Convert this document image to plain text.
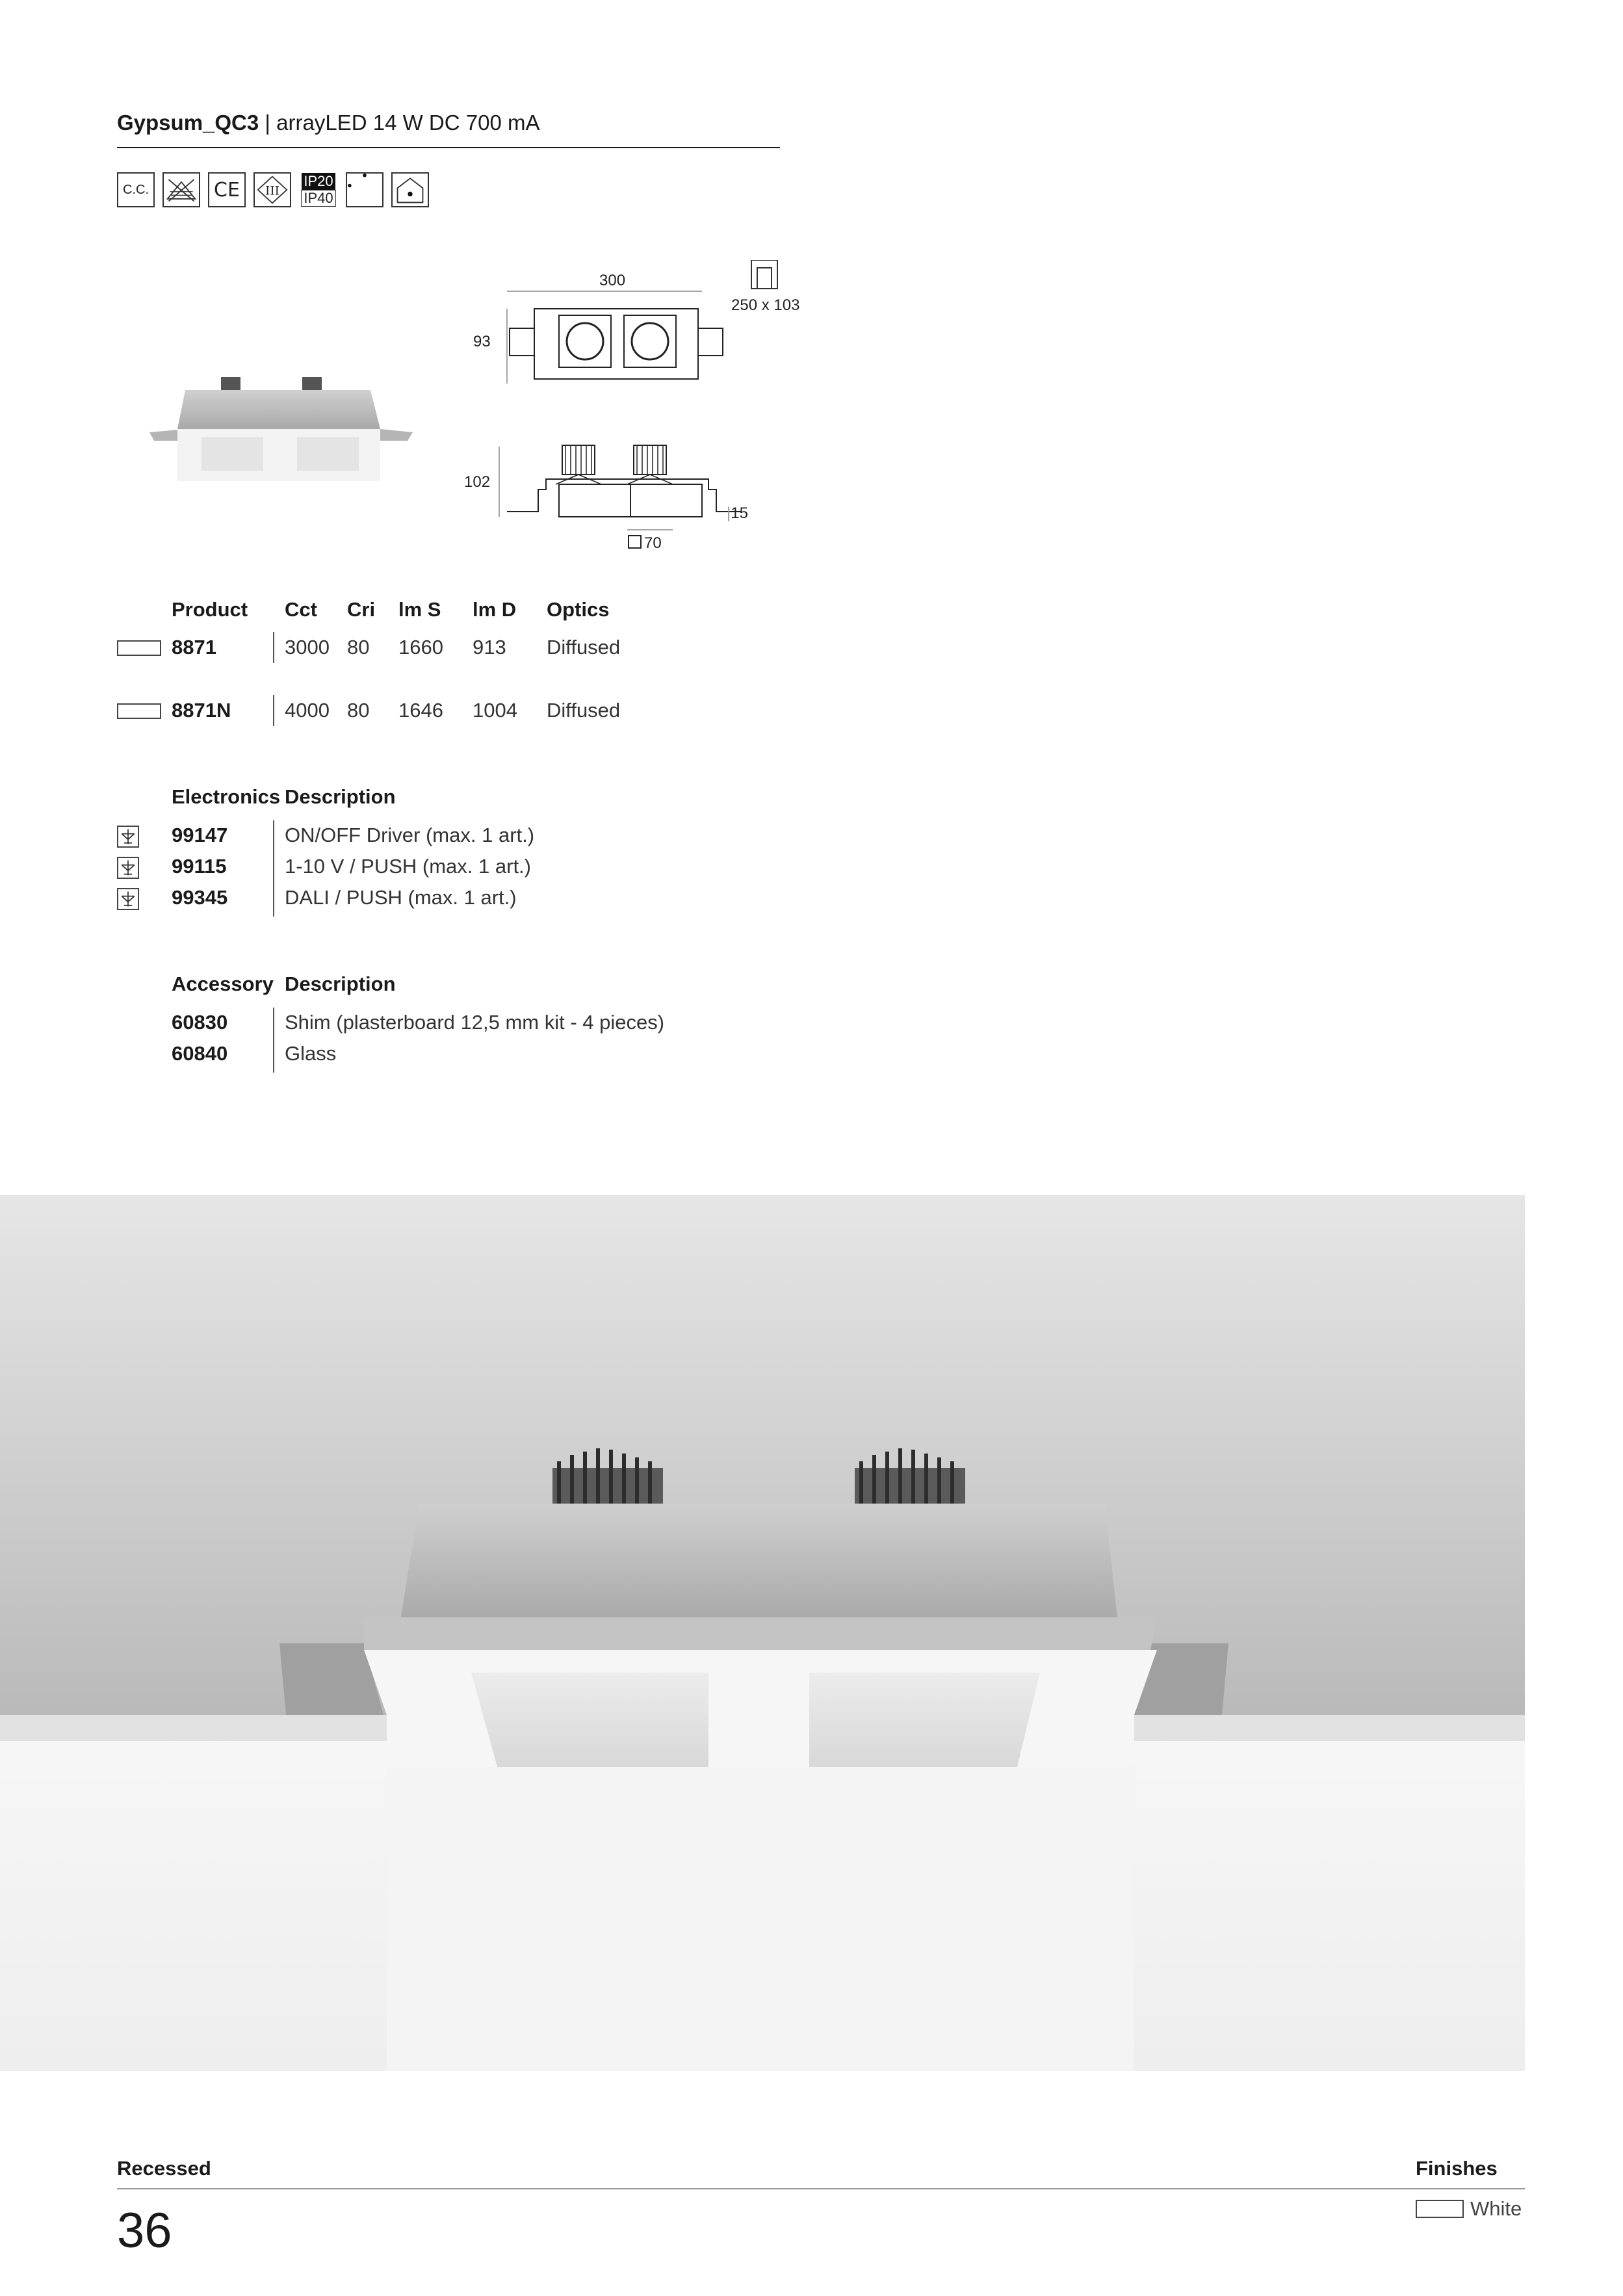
Gypsum_QC3 | arrayLED 14 W DC 700 mA
C.C.	CE III
IP20
IP40
300
250 x 103
93
102
|15
70
Product Cct Cri lm S lm D Optics
8871	3000 80 1660 913 Diffused
8871N	4000 80 1646 1004 Diffused
Electronics Description
99147	ON/OFF Driver (max. 1 art.)
99115	1-10 V / PUSH (max. 1 art.)
99345	DALI / PUSH (max. 1 art.)
Accessory Description
60830	Shim (plasterboard 12,5 mm kit - 4 pieces)
60840	Glass
Recessed	Finishes
36	White
